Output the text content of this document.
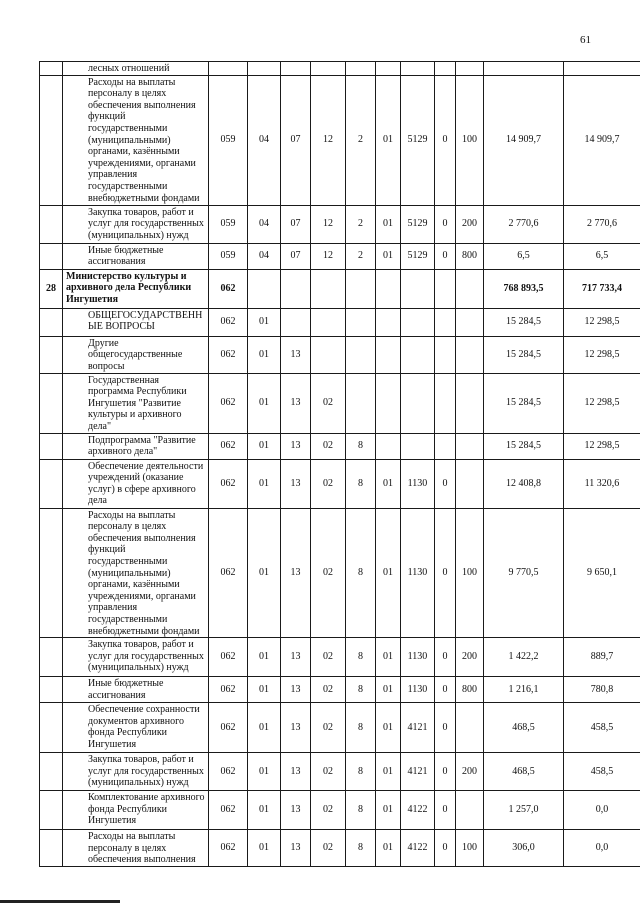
61
	лесных отношений											
	Расходы на выплаты персоналу в целях обеспечения выполнения функций государственными (муниципальными) органами, казёнными учреждениями, органами управления государственными внебюджетными фондами	059	04	07	12	2	01	5129	0	100	14 909,7	14 909,7
	Закупка товаров, работ и услуг для государственных (муниципальных) нужд	059	04	07	12	2	01	5129	0	200	2 770,6	2 770,6
	Иные бюджетные ассигнования	059	04	07	12	2	01	5129	0	800	6,5	6,5
28	Министерство культуры и архивного дела Республики Ингушетия	062									768 893,5	717 733,4
	ОБЩЕГОСУДАРСТВЕНН ЫЕ ВОПРОСЫ	062	01								15 284,5	12 298,5
	Другие общегосударственные вопросы	062	01	13							15 284,5	12 298,5
	Государственная программа Республики Ингушетия "Развитие культуры и архивного дела"	062	01	13	02						15 284,5	12 298,5
	Подпрограмма "Развитие архивного дела"	062	01	13	02	8					15 284,5	12 298,5
	Обеспечение деятельности учреждений (оказание услуг) в сфере архивного дела	062	01	13	02	8	01	1130	0		12 408,8	11 320,6
	Расходы на выплаты персоналу в целях обеспечения выполнения функций государственными (муниципальными) органами, казёнными учреждениями, органами управления государственными внебюджетными фондами	062	01	13	02	8	01	1130	0	100	9 770,5	9 650,1
	Закупка товаров, работ и услуг для государственных (муниципальных) нужд	062	01	13	02	8	01	1130	0	200	1 422,2	889,7
	Иные бюджетные ассигнования	062	01	13	02	8	01	1130	0	800	1 216,1	780,8
	Обеспечение сохранности документов архивного фонда Республики Ингушетия	062	01	13	02	8	01	4121	0		468,5	458,5
	Закупка товаров, работ и услуг для государственных (муниципальных) нужд	062	01	13	02	8	01	4121	0	200	468,5	458,5
	Комплектование архивного фонда Республики Ингушетия	062	01	13	02	8	01	4122	0		1 257,0	0,0
	Расходы на выплаты персоналу в целях обеспечения выполнения	062	01	13	02	8	01	4122	0	100	306,0	0,0
